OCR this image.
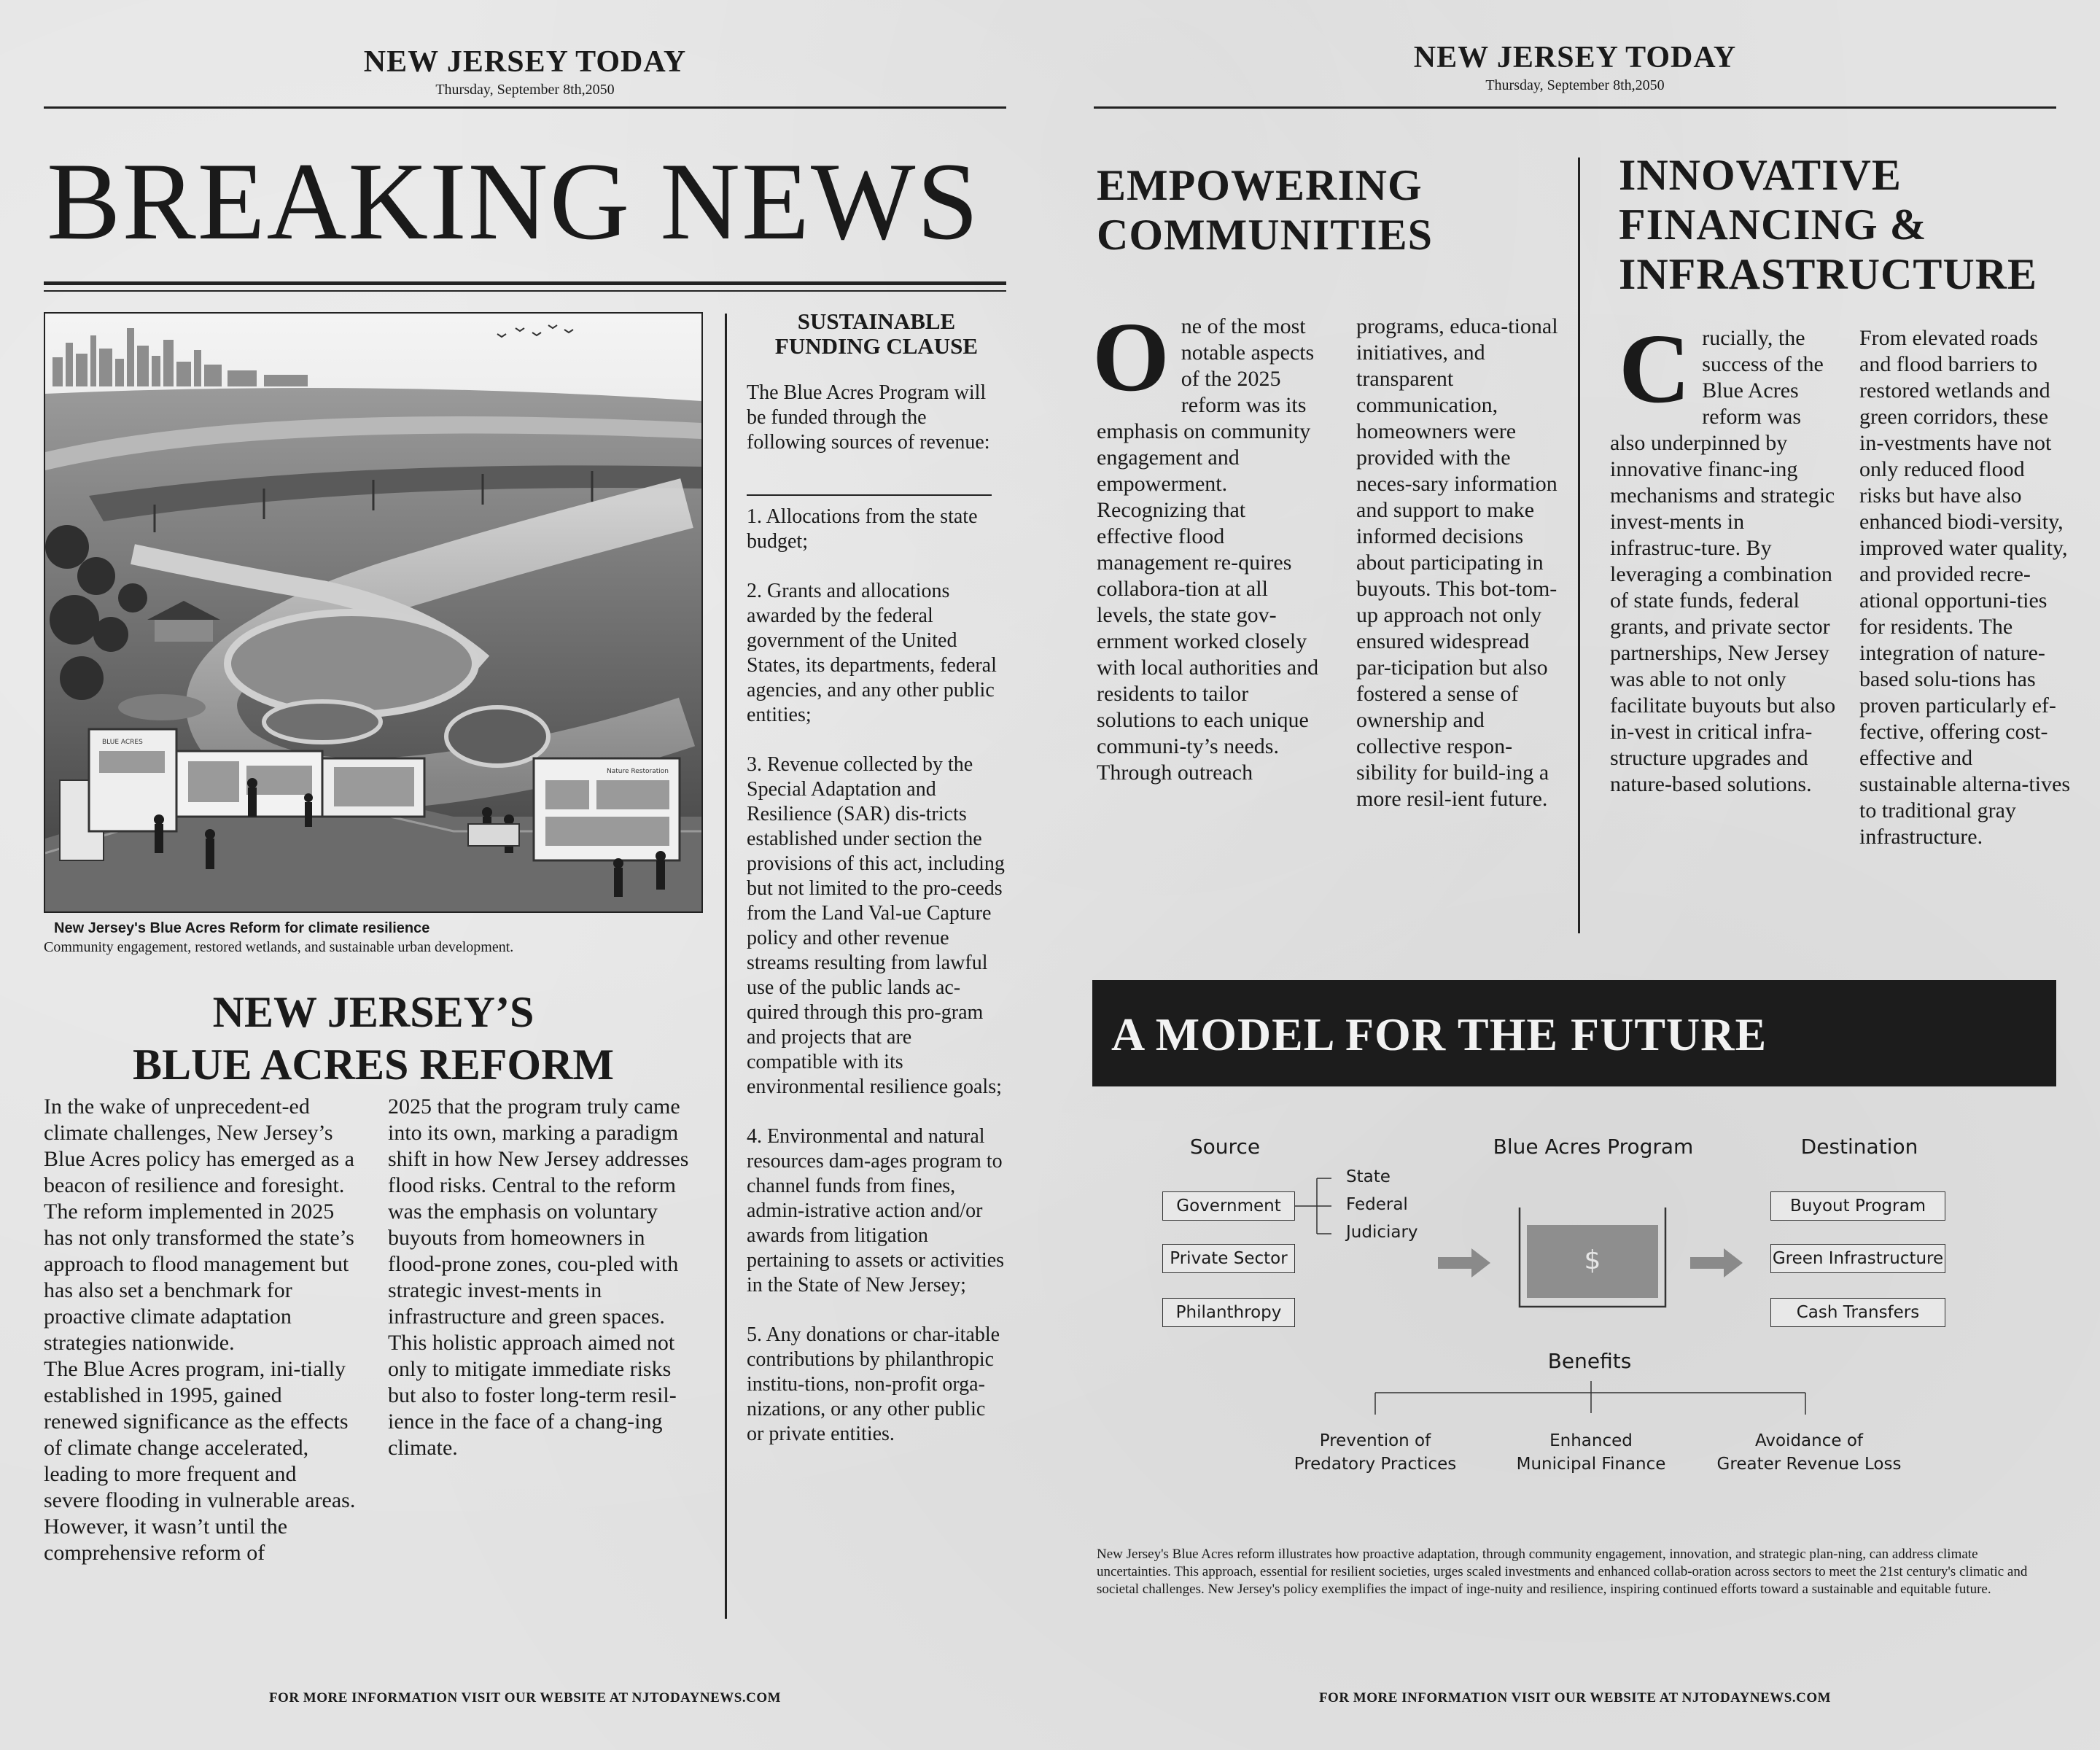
NEW JERSEY TODAY
Thursday, September 8th,2050
BREAKING NEWS
BLUE ACRES
Nature Restoration
New Jersey's Blue Acres Reform for climate resilience
Community engagement, restored wetlands, and sustainable urban development.
NEW JERSEY’S
BLUE ACRES REFORM

In the wake of unprecedent-ed climate challenges, New Jersey’s Blue Acres policy has emerged as a beacon of resilience and foresight. The reform implemented in 2025 has not only transformed the state’s approach to flood management but has also set a benchmark for proactive climate adaptation strategies nationwide.
The Blue Acres program, ini-tially established in 1995, gained renewed significance as the effects of climate change accelerated, leading to more frequent and severe flooding in vulnerable areas. However, it wasn’t until the comprehensive reform of

2025 that the program truly came into its own, marking a paradigm shift in how New Jersey addresses flood risks. Central to the reform was the emphasis on voluntary buyouts from homeowners in flood-prone zones, cou-pled with strategic invest-ments in infrastructure and green spaces. This holistic approach aimed not only to mitigate immediate risks but also to foster long-term resil-ience in the face of a chang-ing climate.

SUSTAINABLE
FUNDING CLAUSE

The Blue Acres Program will be funded through the following sources of revenue:

1. Allocations from the state budget;
2. Grants and allocations awarded by the federal government of the United States, its departments, federal agencies, and any other public entities;
3. Revenue collected by the Special Adaptation and Resilience (SAR) dis-tricts established under section the provisions of this act, including but not limited to the pro-ceeds from the Land Val-ue Capture policy and other revenue streams resulting from lawful use of the public lands ac-quired through this pro-gram and projects that are compatible with its environmental resilience goals;
4. Environmental and natural resources dam-ages program to channel funds from fines, admin-istrative action and/or awards from litigation pertaining to assets or activities in the State of New Jersey;
5. Any donations or char-itable contributions by philanthropic institu-tions, non-profit orga-nizations, or any other public or private entities.
FOR MORE INFORMATION VISIT OUR WEBSITE AT NJTODAYNEWS.COM
NEW JERSEY TODAY
Thursday, September 8th,2050
EMPOWERING
COMMUNITIES
One of the most notable aspects of the 2025 reform was its emphasis on community engagement and empowerment. Recognizing that effective flood management re-quires collabora-tion at all levels, the state gov-ernment worked closely with local authorities and residents to tailor solutions to each unique communi-ty’s needs. Through outreach

programs, educa-tional initiatives, and transparent communication, homeowners were provided with the neces-sary information and support to make informed decisions about participating in buyouts. This bot-tom-up approach not only ensured widespread par-ticipation but also fostered a sense of ownership and collective respon-sibility for build-ing a more resil-ient future.

INNOVATIVE
FINANCING &
INFRASTRUCTURE
Crucially, the success of the Blue Acres reform was also underpinned by innovative financ-ing mechanisms and strategic invest-ments in infrastruc-ture. By leveraging a combination of state funds, federal grants, and private sector partnerships, New Jersey was able to not only facilitate buyouts but also in-vest in critical infra-structure upgrades and nature-based solutions.

From elevated roads and flood barriers to restored wetlands and green corridors, these in-vestments have not only reduced flood risks but have also enhanced biodi-versity, improved water quality, and provided recre-ational opportuni-ties for residents. The integration of nature-based solu-tions has proven particularly ef-fective, offering cost-effective and sustainable alterna-tives to traditional gray infrastructure.

A MODEL FOR THE FUTURE
Source	Blue Acres Program	Destination
Government
Private Sector
Philanthropy
State
Federal
Judiciary
$
Buyout Program
Green Infrastructure
Cash Transfers
Benefits
Prevention of
Predatory Practices
Enhanced
Municipal Finance
Avoidance of
Greater Revenue Loss

New Jersey's Blue Acres reform illustrates how proactive adaptation, through community engagement, innovation, and strategic plan-ning, can address climate uncertainties. This approach, essential for resilient societies, urges scaled investments and enhanced collab-oration across sectors to meet the 21st century's climatic and societal challenges. New Jersey's policy exemplifies the impact of inge-nuity and resilience, inspiring continued efforts toward a sustainable and equitable future.

FOR MORE INFORMATION VISIT OUR WEBSITE AT NJTODAYNEWS.COM
